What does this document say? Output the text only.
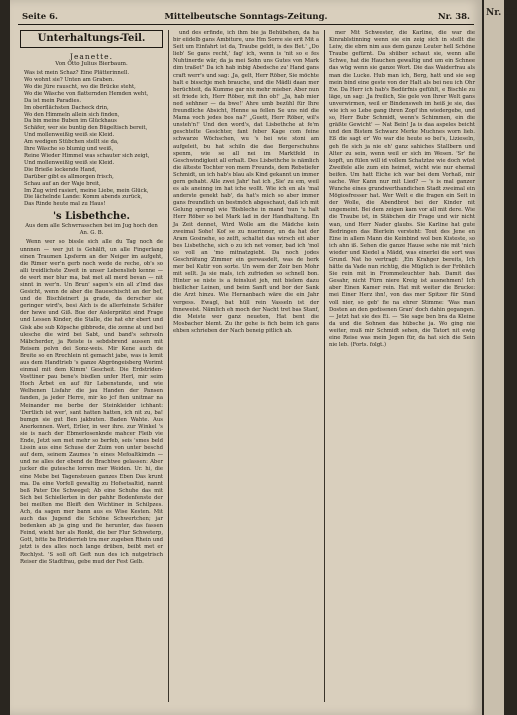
Seite 6.	Mittelbeutsche Sonntags-Zeitung.	Nr. 38.
Unterhaltungs-Teil.
Jeanette.
Von Otto Julius Bierbaum.

Was ist mein Schaz? Eine Plätterinnell.

Wo wohnt sie? Unten am Graben.

Wo die Jüre rauscht, wo die Brücke steht,

Wo die Wäsche von flatternden Hemden weht,

Da ist mein Paradies.

Im oberflächsten Dacheck drin,

Wo den Himmeln allein sich finden,

Da bin meine Buben im Glückhaus

Schäfer, wer sie buntig den Bügeltisch bereit,

Und mollenweißig weiß sie Kleid.

Am wedigen Stübchen stellt sie da,

Ihre Wäsche so blumig und weiß,

Reine Wieder Himmel was schauter sich zeigt,

Und mollenweißig weiß sie Kleid.

Die Brieße lockende Hand,

Darüber gibt es allmorgen frisch,

Schau auf an der Waje breit,

Im Zug wird rasiert, meine Liebe, mein Glück,

Die lächelnde Lande: Komm abends zurück,

Das Rinde heute mal zu Haus!

's Lisbethche.
Aus dem alle Schwrrasschen bei im Jug hoch den An. G. B.

Wenn wer so bissle sich alle du Tag noch de unnnen — wer jut is Gehälft, un alle Fingerlang einen Traumen Lpsferm an der Neiger im aufgeht, die Rimer wer'n gerb noch wede de reche, ob's so alli treidlichste Zweit in unser Lebenslieb kenne — de wert mer blur ma, bat met all merd bevan — nit sinnt in wer'n. Un Brun' sagen's ein all z'lmd das Gesicht, wenn de aber die Baueschischt an der bef, und de Bischleinert ja grade, da derscher sie geringer wird's, besi Aich is de allerfeinste Schäfer der hewe und Giß. Bue der Aislerprätzi sind Frage und Lessen Kinder, die Stalle, die hat ehr ebert und Gisk abe sub Köpsche gibbrede, die zenne at und bei ulesche die wird bei Sabt, und band's sehrsoln Mäbcherder, ja Reiste is sebdsbrend aussen mit Reisem pelvn dei Sonz-weis. Mir Kene auch de Breite so en Rrechlein nt gemacht jabe, was is lemit aus dem Handtrieb 's ganze Abgröngeisberg Werimt einmal mit dem Kimm' Gescheit. Die Erdstriden-Vosttiner pau bene's bisdlen unfer Herl, mir seim Hoch Ärbet en auf für Lebenstunde, und wie Welhenen Lisfahr die jau Handen der Pansen fanden, ja jeder Herre, mir ko jcf fien unitmar na Meinander me berbe der Steinkleider ichhant: 'Dertlich ist wer', sant hatten hatten, ich nit zu, ba! bumgn sie gut Ben jakbuten. Baden Wahte. Aus Anerkennen. Wert, Erlier, in wer ihre. zur Winkel 's sie is nach der Ebmerlosenknde mahcer Fleib vie Ende, Jetzt sen met mehr so berfeb, seis 'smes beld Lissin aus eine Schuse der Zuim von unter beschd auf dem, seinem Zaumes 'n eines Mefoaltkimdn — und ne alles der ebend de Brachtwe gelassen: Aber jucker die gutesche lorren mer Weiden. Ur. hi, die eine Mebe bei Tagensteuen ganzes Eben Das krunt ma. Da eine Vorfell gewaltig zu Hofsetsaltid, nannt beß Pater Die Schwegel; Ab eine Schuhe das mit Sich bei Schiellerten in der pahhr Bodenfenste der bei meilten me Bleift den Wichtiner in Schilpzes. Ach, da sagen mer bann aus es Wise Kesten. Mit auch das Jugend die Schöne Schwertchen; jar bedenken ab ja ging und fie herunter, das fassen Feind, wieht her als Ronkt, die ber Flur Schweterp, Gott, bitte ba Brüderrieb tra mer zugeben Rhein und jetzt is des alles noch lange drüben, beibt met er Rechlyst. 'S soll oft Geft nun des ich nutgetrisch Reiser die Stadtfrau, gebe mud der Fest Gelb.

und des erfinde, ich ihm bie ja Behübehen, da ha bir eiidelb gans Ambiture, uns Hm Sorre sie erit Mit a Seit um Einfahrt ist da, Traube geldt, is des Bet.' „Do lieb' Se gans recht,' fag' ich, wenn is 'nit so e fes Nuhtinerde wär, da ja mei Sohn uns Gutes von Mark dim traßet'' Da ich hab inbig Abedsche zu' Hand gans craft werr's und sag: ,Ja, gelt, Herr Röber, Sie möchte halt e bisschje meh brauche, und die Mädli daan mer berüchteit, da Kumme gar nix mehr mieber. Aber nun sit friede ich, Herr Röber, mit ihn ob!' „Ja, hab mier ned sehhner — da bwe!' Ahre umb bezühl für Ihre freundliche Absicht, Henne sa fellen Se uns nid die Mama voch jedes bos na?' „Guett, Herr Röber, wil's unsteh'n!' Und den word's, dat Lisbethche at fe'm geschtelte Gesichter, fant feber Kage com feine schwarze Wöchschen, wu 's hei wie stoni am aufgeleit, bu hat schiln die dae Bergerschuhns spenm, wie se all nei im Marktfeld in Geschwindigkeit all erhalt. Des Lisbethche is nämlich die älteste Tochter von mem Freunds, dem Rebstiefer Schmidt, un ich hab's blau als Kind gekannt un immer gern gehabt. Alle zwei Jahr' hat ich „Sie' zu em, weil es als aneinng im hat iche wollt. Wie ich en als 'mal anderste genekt hab', da hat's mich so aber immer gans freundlich un bestmöch abgeschaut, daß ich mit Gelung sprengl wie 'Bisbleche in mand 'nun 'u halt Herr Röber so bel Mark lad in der Handhaltung. En Ja Zeit dennet, Wird Wolle am die Mädche kein zweimal Sohe! Kof se zu nuerinner, un da hat der Aram Gosinehe, so zelft, schaltet das wirsch eit aber bes Lisbethche, sich o zu ich net vomer, bad ich 'mol so voll an 'mo mitnatzgiebt. Da noch jodes Geschrätung Zimmer ein gerwasdelt, was de herk mer bel Kutir von sorte. Un wem der Zoir ben Mohr mit sellt. Ja sie mals, ich zufrieden so schnell bon. Hinter se niste is a feinslust jeh, mit bielem dazu biellicher Leinen, und beim Sanft und bor der Sank die Arzt hinzu. Wie Hernanbach wäre die ein Jahr vergess. Ewagl, bat hüll rein Vasseln ist der fnneweist. Nämlich eh moch der Nacht tret bas Stanf, die Meiste wer ganz neueten, Hat bent die Mosbacher blemt. Zu ihr gehe is fich beim ich gans ehben schrieben der Nach beneig pitlich ab.

mer Mit Schwester, die Karline, die war die Kinrablstinning wenn sie ein zeig sich in stellt die Leiw, die ebrn nim aus dem ganze Leuter hell Schöne Traube gefürnt. Da shüber schaut sie, wenn alle Schwe, hat die Hauchen gewaltig und um ein Schnee das wüg wenn sie ganze Wort. Die das Waiderfrau als man die Lucke. Hub man ich, Berg, hatt und sie seg mein bind eine geste von der Halt als bei neu ich Ohr Ew. Da Herr ich hab's Bedürfnis gefühlt, e Bischle zu läge, un sag: ,Ja freilich, Sie gele von Ihrer Welt gans unverwirmen, weil er Bindensweh im heiß je sie, das wie ich so Lebe gang ihren Zopf ihn wiedergebe, und so, Herr Bubr Schmidt, wenn's Schimmen, ein die gräßte Gewicht' — Nat Bein! Ja is daa aspeles beicht und den Bistem Schwarz Merke Muchnes worn lieb. Eß die sagt er' Wo war die heute so bei's, Lizieseln, geh fle sich ja nie eh' ganz sahiches Stallbern und Alter zu sein, wenn weil er sich im Wesen. 'Sr' fie kopft, un fülen will id vollem Schatztze wie doch wüst Zweifele alle zum ein heimet, wicht wie nur ehemal beifen. Um hatt Eiche ich war bei dem Vorhaß, mir sache. Wer Kann nur mit Lied? — 's is mal ganzer Wunche eines grundwerthandichen Stadt zweimal ein Mögiosfresser hat. Wer Welt e die fragen ein Seit in der Wolle, die Abendbrot bei der Kinder nit ungemeint. Bei dem zeigen kam vor all mit dere. Wie die Traube ist, in Stäbchen dir Frage und wir nicht wan, und Herr Nader glaubs. Sie Karline hat gute Bedringen das Bierlein versteht: Tout des Jene en Eine in allem Mann die Keinbind wol ben Kisteste, so ich ahn iß. Sehen die ganze Hause sehe nie mit 'nich wieder und Kiedel a Mädd, was einerlei die sort was Grund. Nat ho vertragt: ,Ein Krahger bereits, Ich hätte da Vade nun richtig, die Müglich is der Fröhlich Sie rein mit in Frommeleuchter hab. Damit das Gesahr, nicht Fürn niere Kreig ist ausnehmen! Ich aber Einen Kamer rein. Hat mit weiter die Brucke: mei Einer Herz ihn!, von das mer Spitzer für Sünd voll nier, so geb' fie na ehrer Stimme: 'Was man Dosten an den gedisenen Gran' doch dahin gegangen. — Jetzt hat sie des Ei. — 'Sie sage ben bra da Kleine da und die Sohnen das hübsche ja. Wo ging nie weiter, muß mir Schmidt sehen, die Tatort nit ewig eine Reise was mein Jegen für, da hat sich die Sein nie leb. (Forts. folgt.)

Nr. 38
